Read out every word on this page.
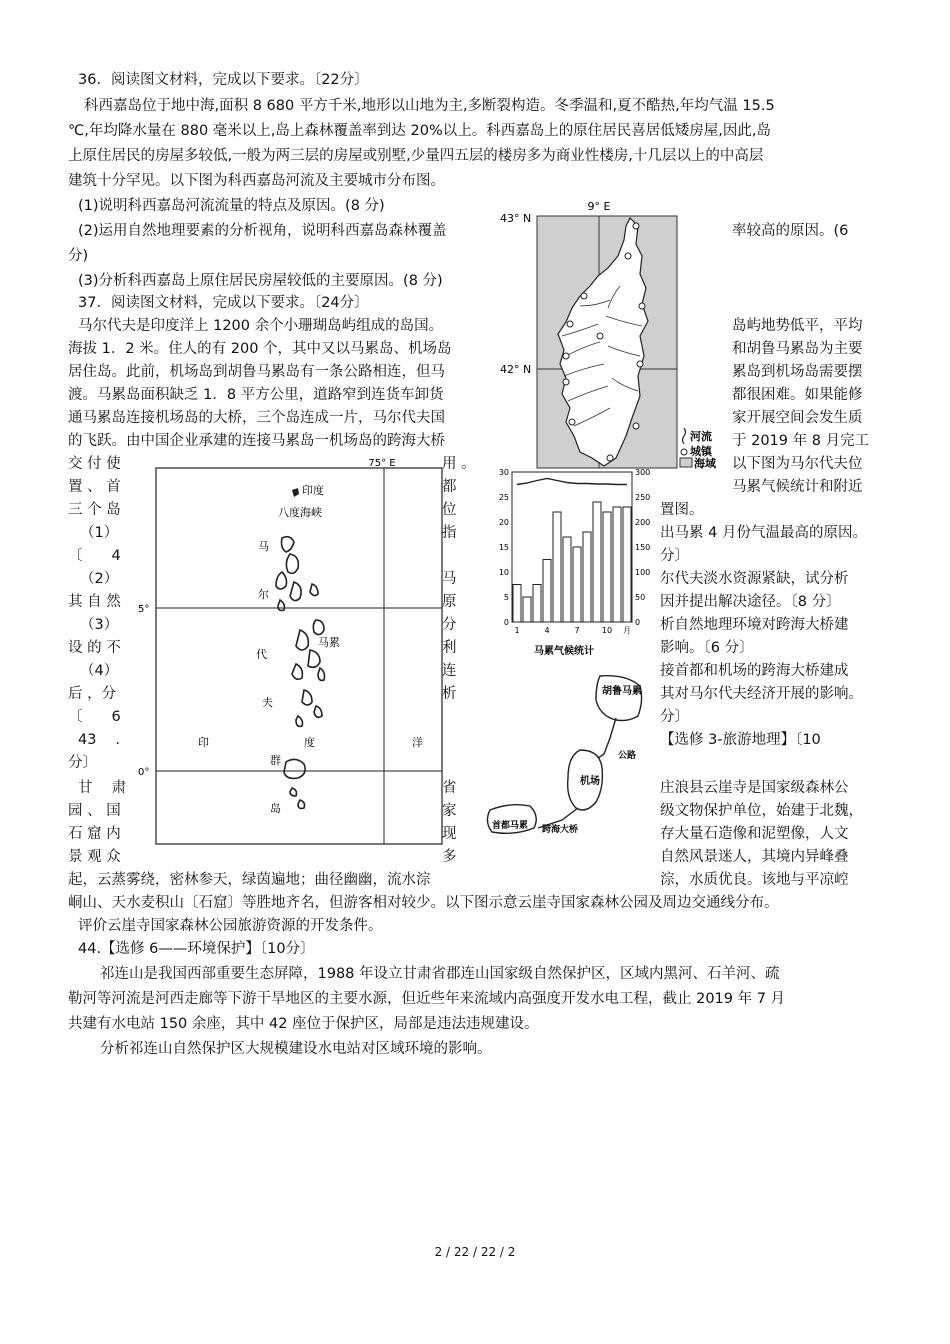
36．阅读图文材料，完成以下要求。〔22分〕
科西嘉岛位于地中海,面积 8 680 平方千米,地形以山地为主,多断裂构造。冬季温和,夏不酷热,年均气温 15.5
℃,年均降水量在 880 毫米以上,岛上森林覆盖率到达 20%以上。科西嘉岛上的原住居民喜居低矮房屋,因此,岛
上原住居民的房屋多较低,一般为两三层的房屋或别墅,少量四五层的楼房多为商业性楼房,十几层以上的中高层
建筑十分罕见。以下图为科西嘉岛河流及主要城市分布图。
(1)说明科西嘉岛河流流量的特点及原因。(8 分)
(2)运用自然地理要素的分析视角，说明科西嘉岛森林覆盖	率较高的原因。(6
分)
(3)分析科西嘉岛上原住居民房屋较低的主要原因。(8 分)
9° E
43° N
42° N
河流
城镇
海域
37．阅读图文材料，完成以下要求。〔24分〕
马尔代夫是印度洋上 1200 余个小珊瑚岛屿组成的岛国。	岛屿地势低平，平均
海拔 1．2 米。住人的有 200 个，其中又以马累岛、机场岛	和胡鲁马累岛为主要
居住岛。此前，机场岛到胡鲁马累岛有一条公路相连，但马	累岛到机场岛需要摆
渡。马累岛面积缺乏 1．8 平方公里，道路窄到连货车卸货	都很困难。如果能修
通马累岛连接机场岛的大桥，三个岛连成一片，马尔代夫国	家开展空间会发生质
的飞跃。由中国企业承建的连接马累岛一机场岛的跨海大桥	于 2019 年 8 月完工
交 付 使	用 。	以下图为马尔代夫位
置 、 首	都	马累气候统计和附近
三 个 岛	位	置图。
（1）	指	出马累 4 月份气温最高的原因。
〔　　4	分〕
（2）	马	尔代夫淡水资源紧缺，试分析
其 自 然	原	因并提出解决途径。〔8 分〕
（3）	分	析自然地理环境对跨海大桥建
设 的 不	利	影响。〔6 分〕
（4）	连	接首都和机场的跨海大桥建成
后 ，分	析	其对马尔代夫经济开展的影响。
〔　　6	分〕
43 　．	【选修 3-旅游地理】〔10
分〕
甘 　肃	省	庄浪县云崖寺是国家级森林公
园 、 国	家	级文物保护单位，始建于北魏，
石 窟 内	现	存大量石造像和泥塑像，人文
景 观 众	多	自然风景迷人，其境内异峰叠
起，云蒸雾绕，密林参天，绿茵遍地；曲径幽幽，流水淙	淙，水质优良。该地与平凉崆
峒山、天水麦积山〔石窟〕等胜地齐名，但游客相对较少。以下图示意云崖寺国家森林公园及周边交通线分布。
评价云崖寺国家森林公园旅游资源的开发条件。
44.【选修 6——环境保护】〔10分〕
祁连山是我国西部重要生态屏障，1988 年设立甘肃省郡连山国家级自然保护区，区域内黑河、石羊河、疏
勒河等河流是河西走廊等下游干旱地区的主要水源，但近些年来流域内高强度开发水电工程，截止 2019 年 7 月
共建有水电站 150 余座，其中 42 座位于保护区，局部是违法违规建设。
分析祁连山自然保护区大规模建设水电站对区域环境的影响。
75° E
5°
0°
印度
八度海峡
马
尔
马累
代
夫
印	度	洋
群
岛
0
5
10
15
20
25
30
0
50
100
150
200
250
300
1	4	7	10 月
马累气候统计
胡鲁马累
公路
机场
首都马累 跨海大桥
2 / 22 / 22 / 2
